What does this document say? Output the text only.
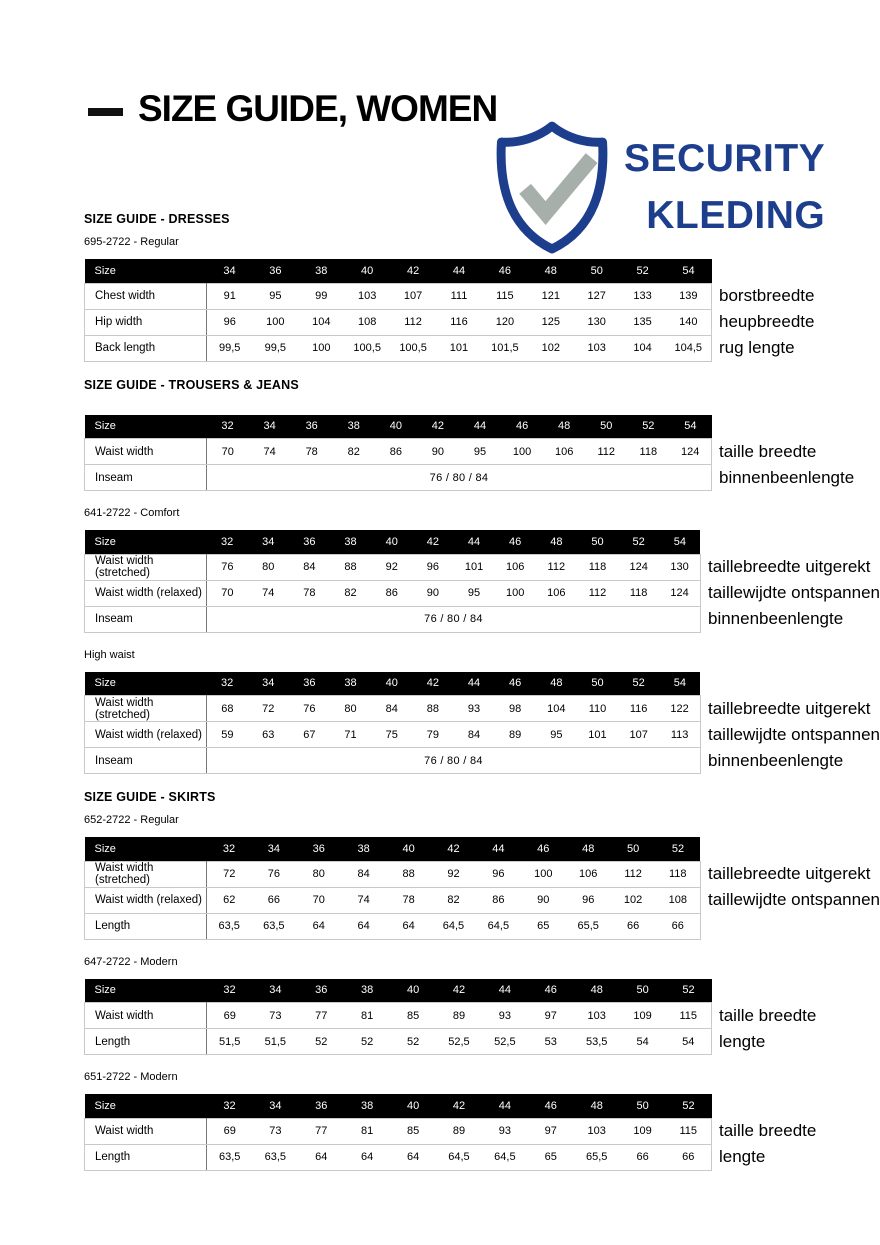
SIZE GUIDE, WOMEN
SECURITY
KLEDING
SIZE GUIDE - DRESSES
695-2722 - Regular
Size	34	36	38	40	42	44	46	48	50	52	54
Chest width	91	95	99	103	107	111	115	121	127	133	139
Hip width	96	100	104	108	112	116	120	125	130	135	140
Back length	99,5	99,5	100	100,5	100,5	101	101,5	102	103	104	104,5
borstbreedte
heupbreedte
rug lengte
SIZE GUIDE - TROUSERS & JEANS
Size	32	34	36	38	40	42	44	46	48	50	52	54
Waist width	70	74	78	82	86	90	95	100	106	112	118	124
Inseam	76 / 80 / 84											
taille breedte
binnenbeenlengte
641-2722 - Comfort
Size	32	34	36	38	40	42	44	46	48	50	52	54
Waist width (stretched)	76	80	84	88	92	96	101	106	112	118	124	130
Waist width (relaxed)	70	74	78	82	86	90	95	100	106	112	118	124
Inseam	76 / 80 / 84											
taillebreedte uitgerekt
taillewijdte ontspannen
binnenbeenlengte
High waist
Size	32	34	36	38	40	42	44	46	48	50	52	54
Waist width (stretched)	68	72	76	80	84	88	93	98	104	110	116	122
Waist width (relaxed)	59	63	67	71	75	79	84	89	95	101	107	113
Inseam	76 / 80 / 84											
taillebreedte uitgerekt
taillewijdte ontspannen
binnenbeenlengte
SIZE GUIDE - SKIRTS
652-2722 - Regular
Size	32	34	36	38	40	42	44	46	48	50	52
Waist width (stretched)	72	76	80	84	88	92	96	100	106	112	118
Waist width (relaxed)	62	66	70	74	78	82	86	90	96	102	108
Length	63,5	63,5	64	64	64	64,5	64,5	65	65,5	66	66
taillebreedte uitgerekt
taillewijdte ontspannen
647-2722 - Modern
Size	32	34	36	38	40	42	44	46	48	50	52
Waist width	69	73	77	81	85	89	93	97	103	109	115
Length	51,5	51,5	52	52	52	52,5	52,5	53	53,5	54	54
taille breedte
lengte
651-2722 - Modern
Size	32	34	36	38	40	42	44	46	48	50	52
Waist width	69	73	77	81	85	89	93	97	103	109	115
Length	63,5	63,5	64	64	64	64,5	64,5	65	65,5	66	66
taille breedte
lengte
